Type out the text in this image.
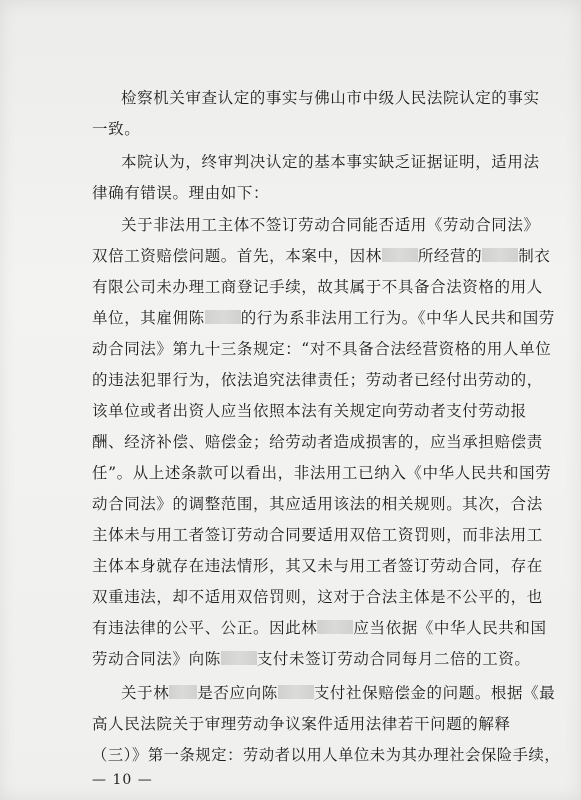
检察机关审查认定的事实与佛山市中级人民法院认定的事实
一致。
本院认为，终审判决认定的基本事实缺乏证据证明，适用法
律确有错误。理由如下：
关于非法用工主体不签订劳动合同能否适用《劳动合同法》
双倍工资赔偿问题。首先，本案中，因林 所经营的 制衣
有限公司未办理工商登记手续，故其属于不具备合法资格的用人
单位，其雇佣陈 的行为系非法用工行为。《中华人民共和国劳
动合同法》第九十三条规定：“对不具备合法经营资格的用人单位
的违法犯罪行为，依法追究法律责任；劳动者已经付出劳动的，
该单位或者出资人应当依照本法有关规定向劳动者支付劳动报
酬、经济补偿、赔偿金；给劳动者造成损害的，应当承担赔偿责
任”。从上述条款可以看出，非法用工已纳入《中华人民共和国劳
动合同法》的调整范围，其应适用该法的相关规则。其次，合法
主体未与用工者签订劳动合同要适用双倍工资罚则，而非法用工
主体本身就存在违法情形，其又未与用工者签订劳动合同，存在
双重违法，却不适用双倍罚则，这对于合法主体是不公平的，也
有违法律的公平、公正。因此林 应当依据《中华人民共和国
劳动合同法》向陈 支付未签订劳动合同每月二倍的工资。
关于林 是否应向陈 支付社保赔偿金的问题。根据《最
高人民法院关于审理劳动争议案件适用法律若干问题的解释
（三）》第一条规定：劳动者以用人单位未为其办理社会保险手续，
— 10 —
